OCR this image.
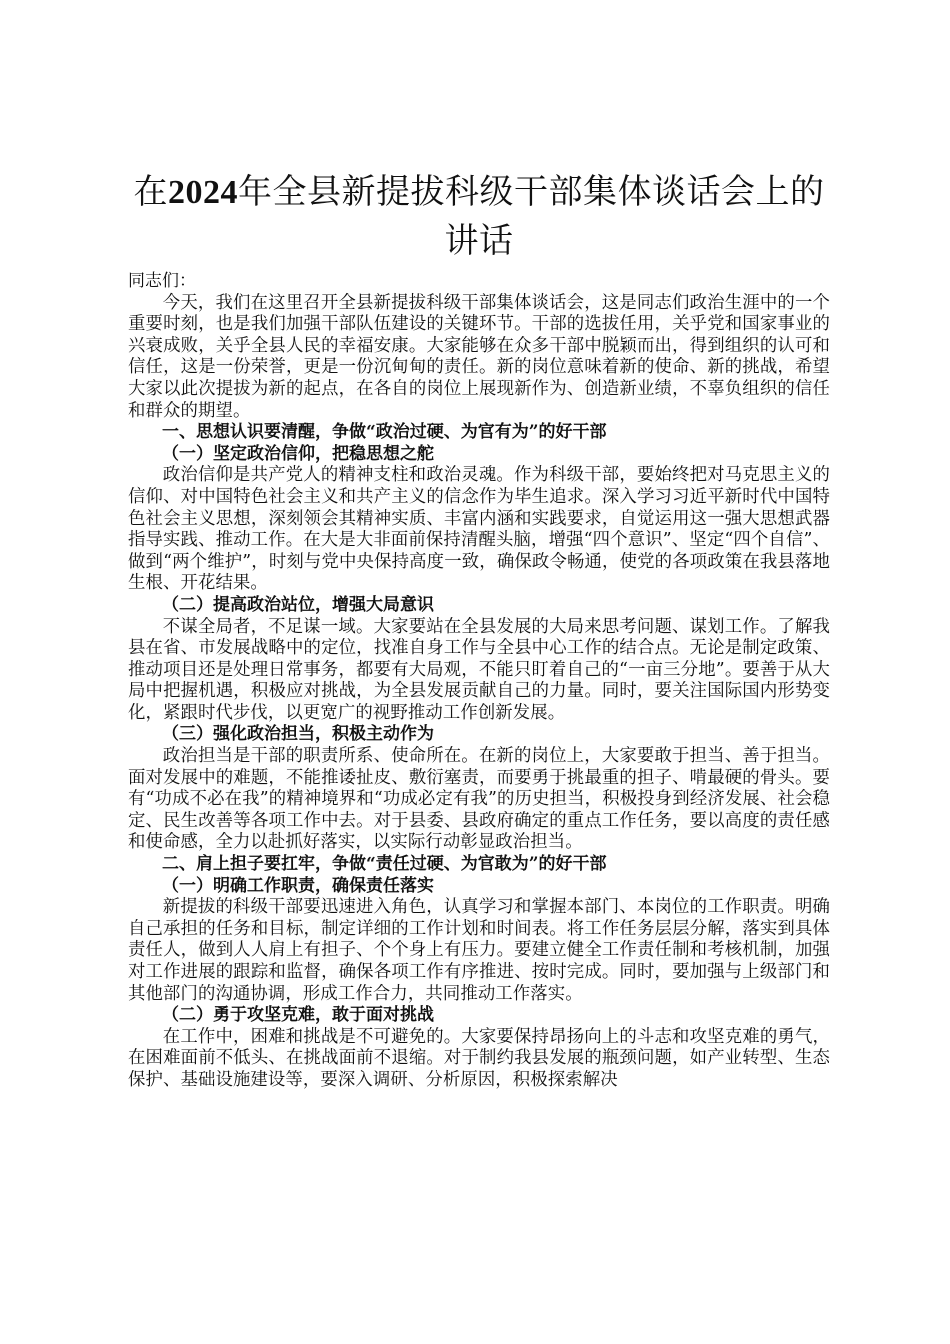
在2024年全县新提拔科级干部集体谈话会上的讲话

同志们：

今天，我们在这里召开全县新提拔科级干部集体谈话会，这是同志们政治生涯中的一个重要时刻，也是我们加强干部队伍建设的关键环节。干部的选拔任用，关乎党和国家事业的兴衰成败，关乎全县人民的幸福安康。大家能够在众多干部中脱颖而出，得到组织的认可和信任，这是一份荣誉，更是一份沉甸甸的责任。新的岗位意味着新的使命、新的挑战，希望大家以此次提拔为新的起点，在各自的岗位上展现新作为、创造新业绩，不辜负组织的信任和群众的期望。

一、思想认识要清醒，争做“政治过硬、为官有为”的好干部

（一）坚定政治信仰，把稳思想之舵

政治信仰是共产党人的精神支柱和政治灵魂。作为科级干部，要始终把对马克思主义的信仰、对中国特色社会主义和共产主义的信念作为毕生追求。深入学习习近平新时代中国特色社会主义思想，深刻领会其精神实质、丰富内涵和实践要求，自觉运用这一强大思想武器指导实践、推动工作。在大是大非面前保持清醒头脑，增强“四个意识”、坚定“四个自信”、做到“两个维护”，时刻与党中央保持高度一致，确保政令畅通，使党的各项政策在我县落地生根、开花结果。

（二）提高政治站位，增强大局意识

不谋全局者，不足谋一域。大家要站在全县发展的大局来思考问题、谋划工作。了解我县在省、市发展战略中的定位，找准自身工作与全县中心工作的结合点。无论是制定政策、推动项目还是处理日常事务，都要有大局观，不能只盯着自己的“一亩三分地”。要善于从大局中把握机遇，积极应对挑战，为全县发展贡献自己的力量。同时，要关注国际国内形势变化，紧跟时代步伐，以更宽广的视野推动工作创新发展。

（三）强化政治担当，积极主动作为

政治担当是干部的职责所系、使命所在。在新的岗位上，大家要敢于担当、善于担当。面对发展中的难题，不能推诿扯皮、敷衍塞责，而要勇于挑最重的担子、啃最硬的骨头。要有“功成不必在我”的精神境界和“功成必定有我”的历史担当，积极投身到经济发展、社会稳定、民生改善等各项工作中去。对于县委、县政府确定的重点工作任务，要以高度的责任感和使命感，全力以赴抓好落实，以实际行动彰显政治担当。

二、肩上担子要扛牢，争做“责任过硬、为官敢为”的好干部

（一）明确工作职责，确保责任落实

新提拔的科级干部要迅速进入角色，认真学习和掌握本部门、本岗位的工作职责。明确自己承担的任务和目标，制定详细的工作计划和时间表。将工作任务层层分解，落实到具体责任人，做到人人肩上有担子、个个身上有压力。要建立健全工作责任制和考核机制，加强对工作进展的跟踪和监督，确保各项工作有序推进、按时完成。同时，要加强与上级部门和其他部门的沟通协调，形成工作合力，共同推动工作落实。

（二）勇于攻坚克难，敢于面对挑战

在工作中，困难和挑战是不可避免的。大家要保持昂扬向上的斗志和攻坚克难的勇气，在困难面前不低头、在挑战面前不退缩。对于制约我县发展的瓶颈问题，如产业转型、生态保护、基础设施建设等，要深入调研、分析原因，积极探索解决
